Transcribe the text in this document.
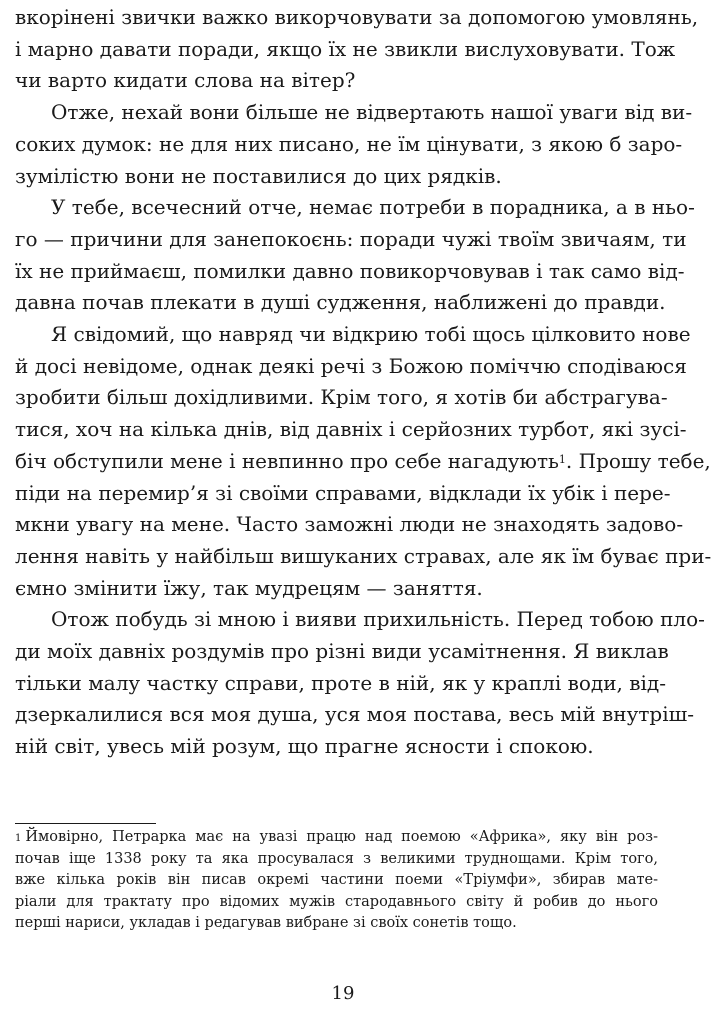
вкорінені звички важко викорчовувати за допомогою умовлянь,
і марно давати поради, якщо їх не звикли вислуховувати. Тож
чи варто кидати слова на вітер?
Отже, нехай вони більше не відвертають нашої уваги від ви-
соких думок: не для них писано, не їм цінувати, з якою б заро-
зумілістю вони не поставилися до цих рядків.
У тебе, всечесний отче, немає потреби в порадника, а в ньо-
го — причини для занепокоєнь: поради чужі твоїм звичаям, ти
їх не приймаєш, помилки давно повикорчовував і так само від-
давна почав плекати в душі судження, наближені до правди.
Я свідомий, що навряд чи відкрию тобі щось цілковито нове
й досі невідоме, однак деякі речі з Божою поміччю сподіваюся
зробити більш дохідливими. Крім того, я хотів би абстрагува-
тися, хоч на кілька днів, від давніх і серйозних турбот, які зусі-
біч обступили мене і невпинно про себе нагадують$^1$. Прошу тебе,
піди на перемир’я зі своїми справами, відклади їх убік і пере-
мкни увагу на мене. Часто заможні люди не знаходять задово-
лення навіть у найбільш вишуканих стравах, але як їм буває при-
ємно змінити їжу, так мудрецям — заняття.
Отож побудь зі мною і вияви прихильність. Перед тобою пло-
ди моїх давніх роздумів про різні види усамітнення. Я виклав
тільки малу частку справи, проте в ній, як у краплі води, від-
дзеркалилися вся моя душа, уся моя постава, весь мій внутріш-
ній світ, увесь мій розум, що прагне ясности і спокою.
$^1$ Ймовірно, Петрарка має на увазі працю над поемою «Африка», яку він роз-
почав іще 1338 року та яка просувалася з великими труднощами. Крім того,
вже кілька років він писав окремі частини поеми «Тріумфи», збирав мате-
ріали для трактату про відомих мужів стародавнього світу й робив до нього
перші нариси, укладав і редагував вибране зі своїх сонетів тощо.
19
